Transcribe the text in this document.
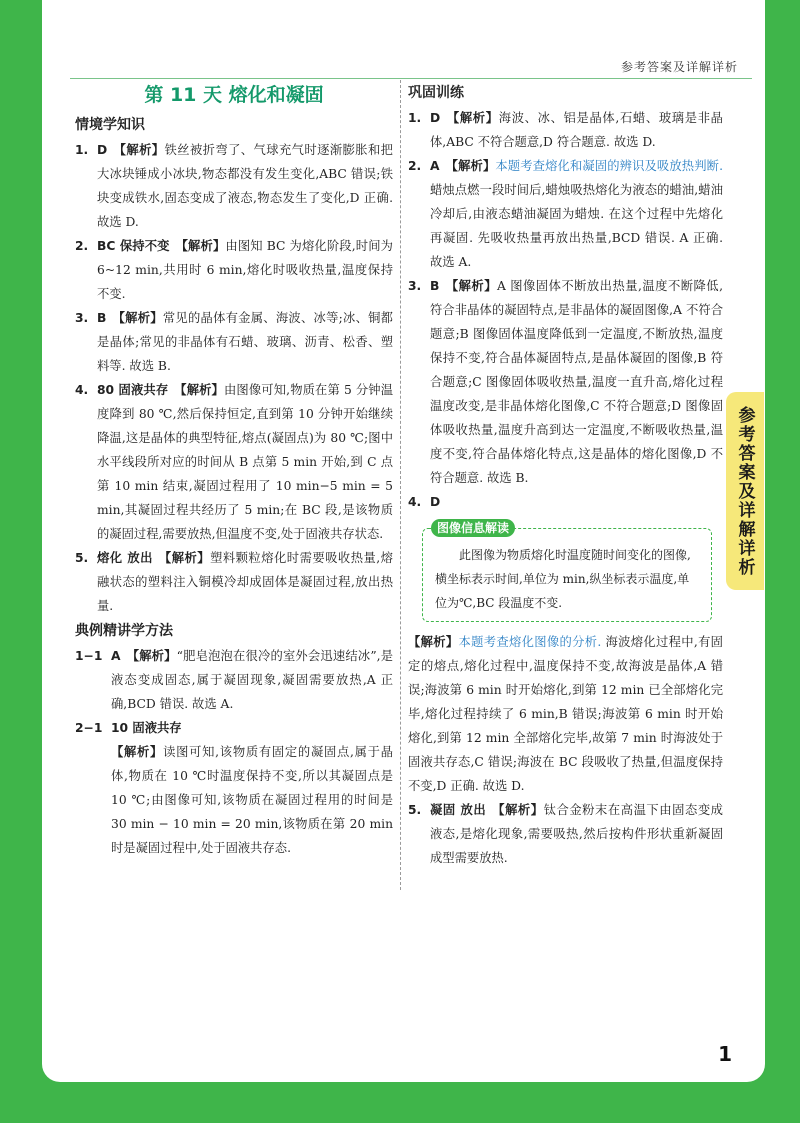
参考答案及详解详析
参考答案及详解详析
第 11 天 熔化和凝固
情境学知识
1. D 【解析】铁丝被折弯了、气球充气时逐渐膨胀和把大冰块锤成小冰块,物态都没有发生变化,ABC 错误;铁块变成铁水,固态变成了液态,物态发生了变化,D 正确. 故选 D.
2. BC 保持不变 【解析】由图知 BC 为熔化阶段,时间为 6~12 min,共用时 6 min,熔化时吸收热量,温度保持不变.
3. B 【解析】常见的晶体有金属、海波、冰等;冰、铜都是晶体;常见的非晶体有石蜡、玻璃、沥青、松香、塑料等. 故选 B.
4. 80 固液共存 【解析】由图像可知,物质在第 5 分钟温度降到 80 ℃,然后保持恒定,直到第 10 分钟开始继续降温,这是晶体的典型特征,熔点(凝固点)为 80 ℃;图中水平线段所对应的时间从 B 点第 5 min 开始,到 C 点第 10 min 结束,凝固过程用了 10 min−5 min = 5 min,其凝固过程共经历了 5 min;在 BC 段,是该物质的凝固过程,需要放热,但温度不变,处于固液共存状态.
5. 熔化 放出 【解析】塑料颗粒熔化时需要吸收热量,熔融状态的塑料注入铜模冷却成固体是凝固过程,放出热量.
典例精讲学方法
1−1 A 【解析】“肥皂泡泡在很冷的室外会迅速结冰”,是液态变成固态,属于凝固现象,凝固需要放热,A 正确,BCD 错误. 故选 A.
2−1 10 固液共存
【解析】读图可知,该物质有固定的凝固点,属于晶体,物质在 10 ℃时温度保持不变,所以其凝固点是 10 ℃;由图像可知,该物质在凝固过程用的时间是 30 min − 10 min = 20 min,该物质在第 20 min 时是凝固过程中,处于固液共存态.
巩固训练
1. D 【解析】海波、冰、铝是晶体,石蜡、玻璃是非晶体,ABC 不符合题意,D 符合题意. 故选 D.
2. A 【解析】本题考查熔化和凝固的辨识及吸放热判断. 蜡烛点燃一段时间后,蜡烛吸热熔化为液态的蜡油,蜡油冷却后,由液态蜡油凝固为蜡烛. 在这个过程中先熔化再凝固. 先吸收热量再放出热量,BCD 错误. A 正确. 故选 A.
3. B 【解析】A 图像固体不断放出热量,温度不断降低,符合非晶体的凝固特点,是非晶体的凝固图像,A 不符合题意;B 图像固体温度降低到一定温度,不断放热,温度保持不变,符合晶体凝固特点,是晶体凝固的图像,B 符合题意;C 图像固体吸收热量,温度一直升高,熔化过程温度改变,是非晶体熔化图像,C 不符合题意;D 图像固体吸收热量,温度升高到达一定温度,不断吸收热量,温度不变,符合晶体熔化特点,这是晶体的熔化图像,D 不符合题意. 故选 B.
4. D
图像信息解读
此图像为物质熔化时温度随时间变化的图像,横坐标表示时间,单位为 min,纵坐标表示温度,单位为℃,BC 段温度不变.
【解析】本题考查熔化图像的分析. 海波熔化过程中,有固定的熔点,熔化过程中,温度保持不变,故海波是晶体,A 错误;海波第 6 min 时开始熔化,到第 12 min 已全部熔化完毕,熔化过程持续了 6 min,B 错误;海波第 6 min 时开始熔化,到第 12 min 全部熔化完毕,故第 7 min 时海波处于固液共存态,C 错误;海波在 BC 段吸收了热量,但温度保持不变,D 正确. 故选 D.
5. 凝固 放出 【解析】钛合金粉末在高温下由固态变成液态,是熔化现象,需要吸热,然后按构件形状重新凝固成型需要放热.
1
